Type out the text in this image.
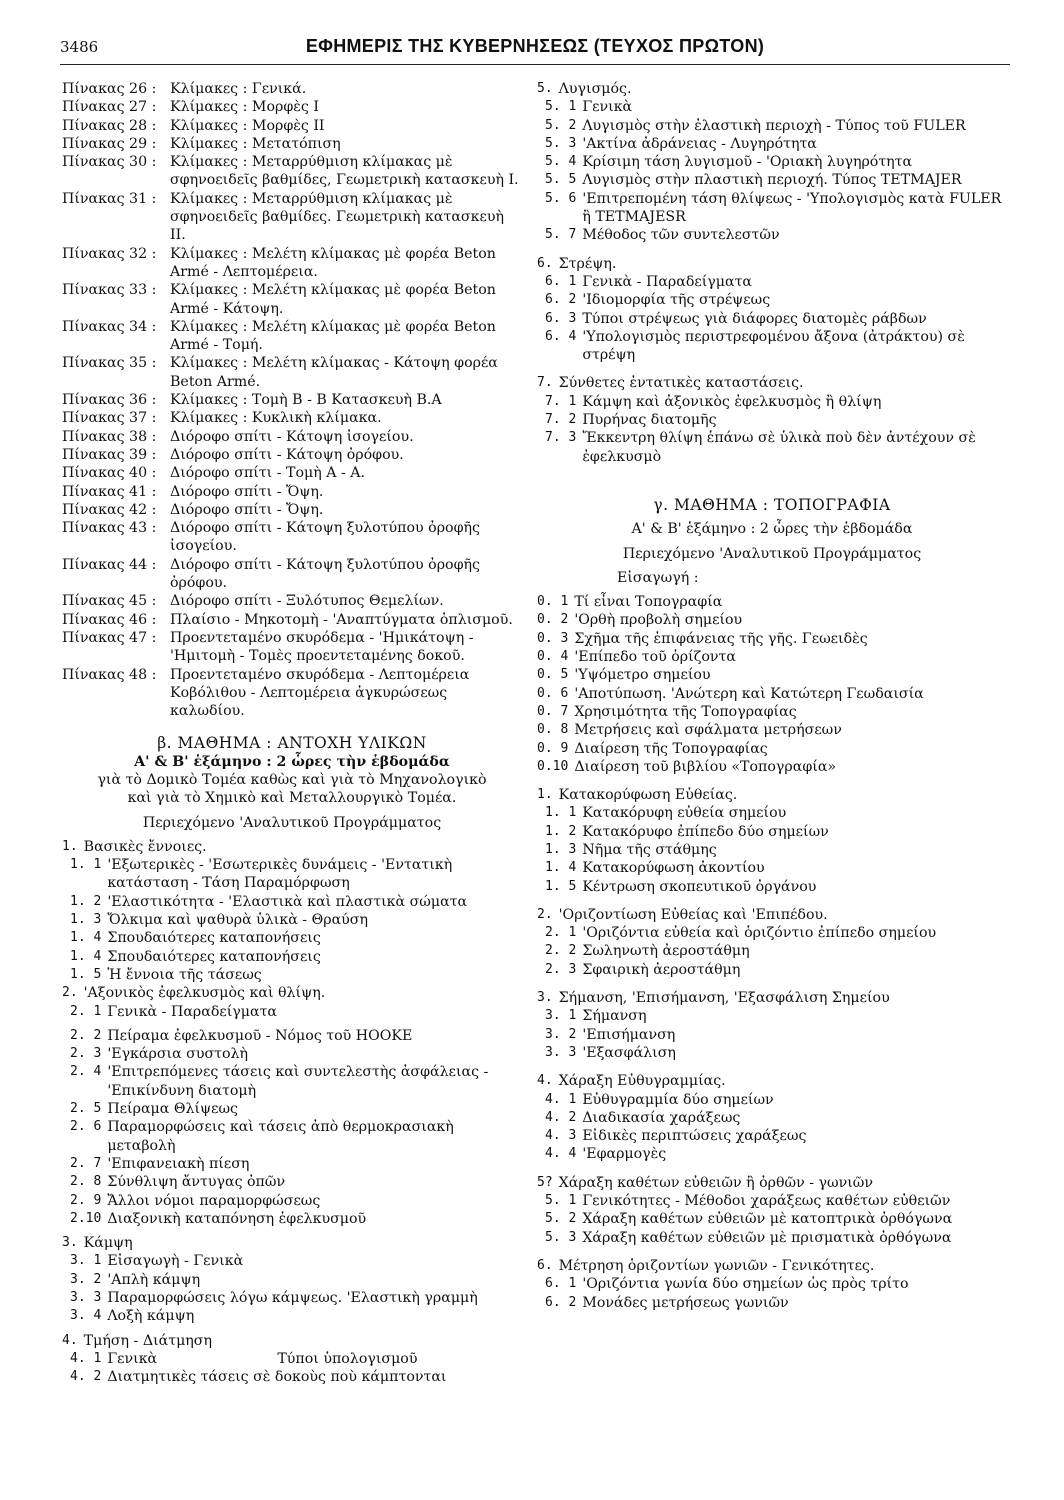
3486	ΕΦΗΜΕΡΙΣ ΤΗΣ ΚΥΒΕΡΝΗΣΕΩΣ (ΤΕΥΧΟΣ ΠΡΩΤΟΝ)
Πίνακας 26 : Κλίμακες : Γενικά.
Πίνακας 27 : Κλίμακες : Μορφὲς Ι
Πίνακας 28 : Κλίμακες : Μορφὲς ΙΙ
Πίνακας 29 : Κλίμακες : Μετατόπιση
Πίνακας 30 : Κλίμακες : Μεταρρύθμιση κλίμακας μὲ σφηνοειδεῖς βαθμίδες, Γεωμετρικὴ κατασκευὴ Ι.
Πίνακας 31 : Κλίμακες : Μεταρρύθμιση κλίμακας μὲ σφηνοειδεῖς βαθμίδες. Γεωμετρικὴ κατασκευὴ ΙΙ.
Πίνακας 32 : Κλίμακες : Μελέτη κλίμακας μὲ φορέα Beton Armé - Λεπτομέρεια.
Πίνακας 33 : Κλίμακες : Μελέτη κλίμακας μὲ φορέα Beton Armé - Κάτοψη.
Πίνακας 34 : Κλίμακες : Μελέτη κλίμακας μὲ φορέα Beton Armé - Τομή.
Πίνακας 35 : Κλίμακες : Μελέτη κλίμακας - Κάτοψη φορέα Beton Armé.
Πίνακας 36 : Κλίμακες : Τομὴ Β - Β Κατασκευὴ Β.Α
Πίνακας 37 : Κλίμακες : Κυκλικὴ κλίμακα.
Πίνακας 38 : Διόροφο σπίτι - Κάτοψη ἰσογείου.
Πίνακας 39 : Διόροφο σπίτι - Κάτοψη ὀρόφου.
Πίνακας 40 : Διόροφο σπίτι - Τομὴ Α - Α.
Πίνακας 41 : Διόροφο σπίτι - Ὄψη.
Πίνακας 42 : Διόροφο σπίτι - Ὄψη.
Πίνακας 43 : Διόροφο σπίτι - Κάτοψη ξυλοτύπου ὀροφῆς ἰσογείου.
Πίνακας 44 : Διόροφο σπίτι - Κάτοψη ξυλοτύπου ὀροφῆς ὀρόφου.
Πίνακας 45 : Διόροφο σπίτι - Ξυλότυπος Θεμελίων.
Πίνακας 46 : Πλαίσιο - Μηκοτομὴ - 'Αναπτύγματα ὁπλισμοῦ.
Πίνακας 47 : Προεντεταμένο σκυρόδεμα - 'Ημικάτοψη - 'Ημιτομὴ - Τομὲς προεντεταμένης δοκοῦ.
Πίνακας 48 : Προεντεταμένο σκυρόδεμα - Λεπτομέρεια Κοβόλιθου - Λεπτομέρεια ἀγκυρώσεως καλωδίου.
β. ΜΑΘΗΜΑ : ΑΝΤΟΧΗ ΥΛΙΚΩΝ
Α' & Β' ἑξάμηνο : 2 ὧρες τὴν ἑβδομάδα
γιὰ τὸ Δομικὸ Τομέα καθὼς καὶ γιὰ τὸ Μηχανολογικὸ
καὶ γιὰ τὸ Χημικὸ καὶ Μεταλλουργικὸ Τομέα.
Περιεχόμενο 'Αναλυτικοῦ Προγράμματος
1. Βασικὲς ἔννοιες.
1. 1 'Εξωτερικὲς - 'Εσωτερικὲς δυνάμεις - 'Εντατικὴ κατάσταση - Τάση Παραμόρφωση
1. 2 'Ελαστικότητα - 'Ελαστικὰ καὶ πλαστικὰ σώματα
1. 3 Ὄλκιμα καὶ ψαθυρὰ ὑλικὰ - Θραύση
1. 4 Σπουδαιότερες καταπονήσεις
1. 4 Σπουδαιότερες καταπονήσεις
1. 5 Ἡ ἔννοια τῆς τάσεως
2. 'Αξονικὸς ἐφελκυσμὸς καὶ θλίψη.
2. 1 Γενικὰ - Παραδείγματα
2. 2 Πείραμα ἐφελκυσμοῦ - Νόμος τοῦ HOOKE
2. 3 'Εγκάρσια συστολὴ
2. 4 'Επιτρεπόμενες τάσεις καὶ συντελεστὴς ἀσφάλειας - 'Επικίνδυνη διατομὴ
2. 5 Πείραμα Θλίψεως
2. 6 Παραμορφώσεις καὶ τάσεις ἀπὸ θερμοκρασιακὴ μεταβολὴ
2. 7 'Επιφανειακὴ πίεση
2. 8 Σύνθλιψη ἄντυγας ὀπῶν
2. 9 Ἄλλοι νόμοι παραμορφώσεως
2.10 Διαξονικὴ καταπόνηση ἐφελκυσμοῦ
3. Κάμψη
3. 1 Εἰσαγωγὴ - Γενικὰ
3. 2 'Απλὴ κάμψη
3. 3 Παραμορφώσεις λόγω κάμψεως. 'Ελαστικὴ γραμμὴ
3. 4 Λοξὴ κάμψη
4. Τμήση - Διάτμηση
4. 1 Γενικὰ	Τύποι ὑπολογισμοῦ
4. 2 Διατμητικὲς τάσεις σὲ δοκοὺς ποὺ κάμπτονται
5. Λυγισμός.
5. 1 Γενικὰ
5. 2 Λυγισμὸς στὴν ἐλαστικὴ περιοχὴ - Τύπος τοῦ FULER
5. 3 'Ακτίνα ἀδράνειας - Λυγηρότητα
5. 4 Κρίσιμη τάση λυγισμοῦ - 'Οριακὴ λυγηρότητα
5. 5 Λυγισμὸς στὴν πλαστικὴ περιοχή. Τύπος TETMAJER
5. 6 'Επιτρεπομένη τάση θλίψεως - 'Υπολογισμὸς κατὰ FULER ἢ TETMAJESR
5. 7 Μέθοδος τῶν συντελεστῶν
6. Στρέψη.
6. 1 Γενικὰ - Παραδείγματα
6. 2 'Ιδιομορφία τῆς στρέψεως
6. 3 Τύποι στρέψεως γιὰ διάφορες διατομὲς ράβδων
6. 4 'Υπολογισμὸς περιστρεφομένου ἄξονα (ἀτράκτου) σὲ στρέψη
7. Σύνθετες ἐντατικὲς καταστάσεις.
7. 1 Κάμψη καὶ ἀξονικὸς ἐφελκυσμὸς ἢ θλίψη
7. 2 Πυρήνας διατομῆς
7. 3 Ἔκκεντρη θλίψη ἐπάνω σὲ ὑλικὰ ποὺ δὲν ἀντέχουν σὲ ἐφελκυσμὸ
γ. ΜΑΘΗΜΑ : ΤΟΠΟΓΡΑΦΙΑ
Α' & Β' ἑξάμηνο : 2 ὧρες τὴν ἑβδομάδα
Περιεχόμενο 'Αναλυτικοῦ Προγράμματος
Εἰσαγωγή :
0. 1 Τί εἶναι Τοπογραφία
0. 2 'Ορθὴ προβολὴ σημείου
0. 3 Σχῆμα τῆς ἐπιφάνειας τῆς γῆς. Γεωειδὲς
0. 4 'Επίπεδο τοῦ ὁρίζοντα
0. 5 'Υψόμετρο σημείου
0. 6 'Αποτύπωση. 'Ανώτερη καὶ Κατώτερη Γεωδαισία
0. 7 Χρησιμότητα τῆς Τοπογραφίας
0. 8 Μετρήσεις καὶ σφάλματα μετρήσεων
0. 9 Διαίρεση τῆς Τοπογραφίας
0.10 Διαίρεση τοῦ βιβλίου «Τοπογραφία»
1. Κατακορύφωση Εὐθείας.
1. 1 Κατακόρυφη εὐθεία σημείου
1. 2 Κατακόρυφο ἐπίπεδο δύο σημείων
1. 3 Νῆμα τῆς στάθμης
1. 4 Κατακορύφωση ἀκοντίου
1. 5 Κέντρωση σκοπευτικοῦ ὀργάνου
2. 'Οριζοντίωση Εὐθείας καὶ 'Επιπέδου.
2. 1 'Οριζόντια εὐθεία καὶ ὁριζόντιο ἐπίπεδο σημείου
2. 2 Σωληνωτὴ ἀεροστάθμη
2. 3 Σφαιρικὴ ἀεροστάθμη
3. Σήμανση, 'Επισήμανση, 'Εξασφάλιση Σημείου
3. 1 Σήμανση
3. 2 'Επισήμανση
3. 3 'Εξασφάλιση
4. Χάραξη Εὐθυγραμμίας.
4. 1 Εὐθυγραμμία δύο σημείων
4. 2 Διαδικασία χαράξεως
4. 3 Εἰδικὲς περιπτώσεις χαράξεως
4. 4 'Εφαρμογὲς
5? Χάραξη καθέτων εὐθειῶν ἢ ὀρθῶν - γωνιῶν
5. 1 Γενικότητες - Μέθοδοι χαράξεως καθέτων εὐθειῶν
5. 2 Χάραξη καθέτων εὐθειῶν μὲ κατοπτρικὰ ὀρθόγωνα
5. 3 Χάραξη καθέτων εὐθειῶν μὲ πρισματικὰ ὀρθόγωνα
6. Μέτρηση ὁριζοντίων γωνιῶν - Γενικότητες.
6. 1 'Οριζόντια γωνία δύο σημείων ὡς πρὸς τρίτο
6. 2 Μονάδες μετρήσεως γωνιῶν
